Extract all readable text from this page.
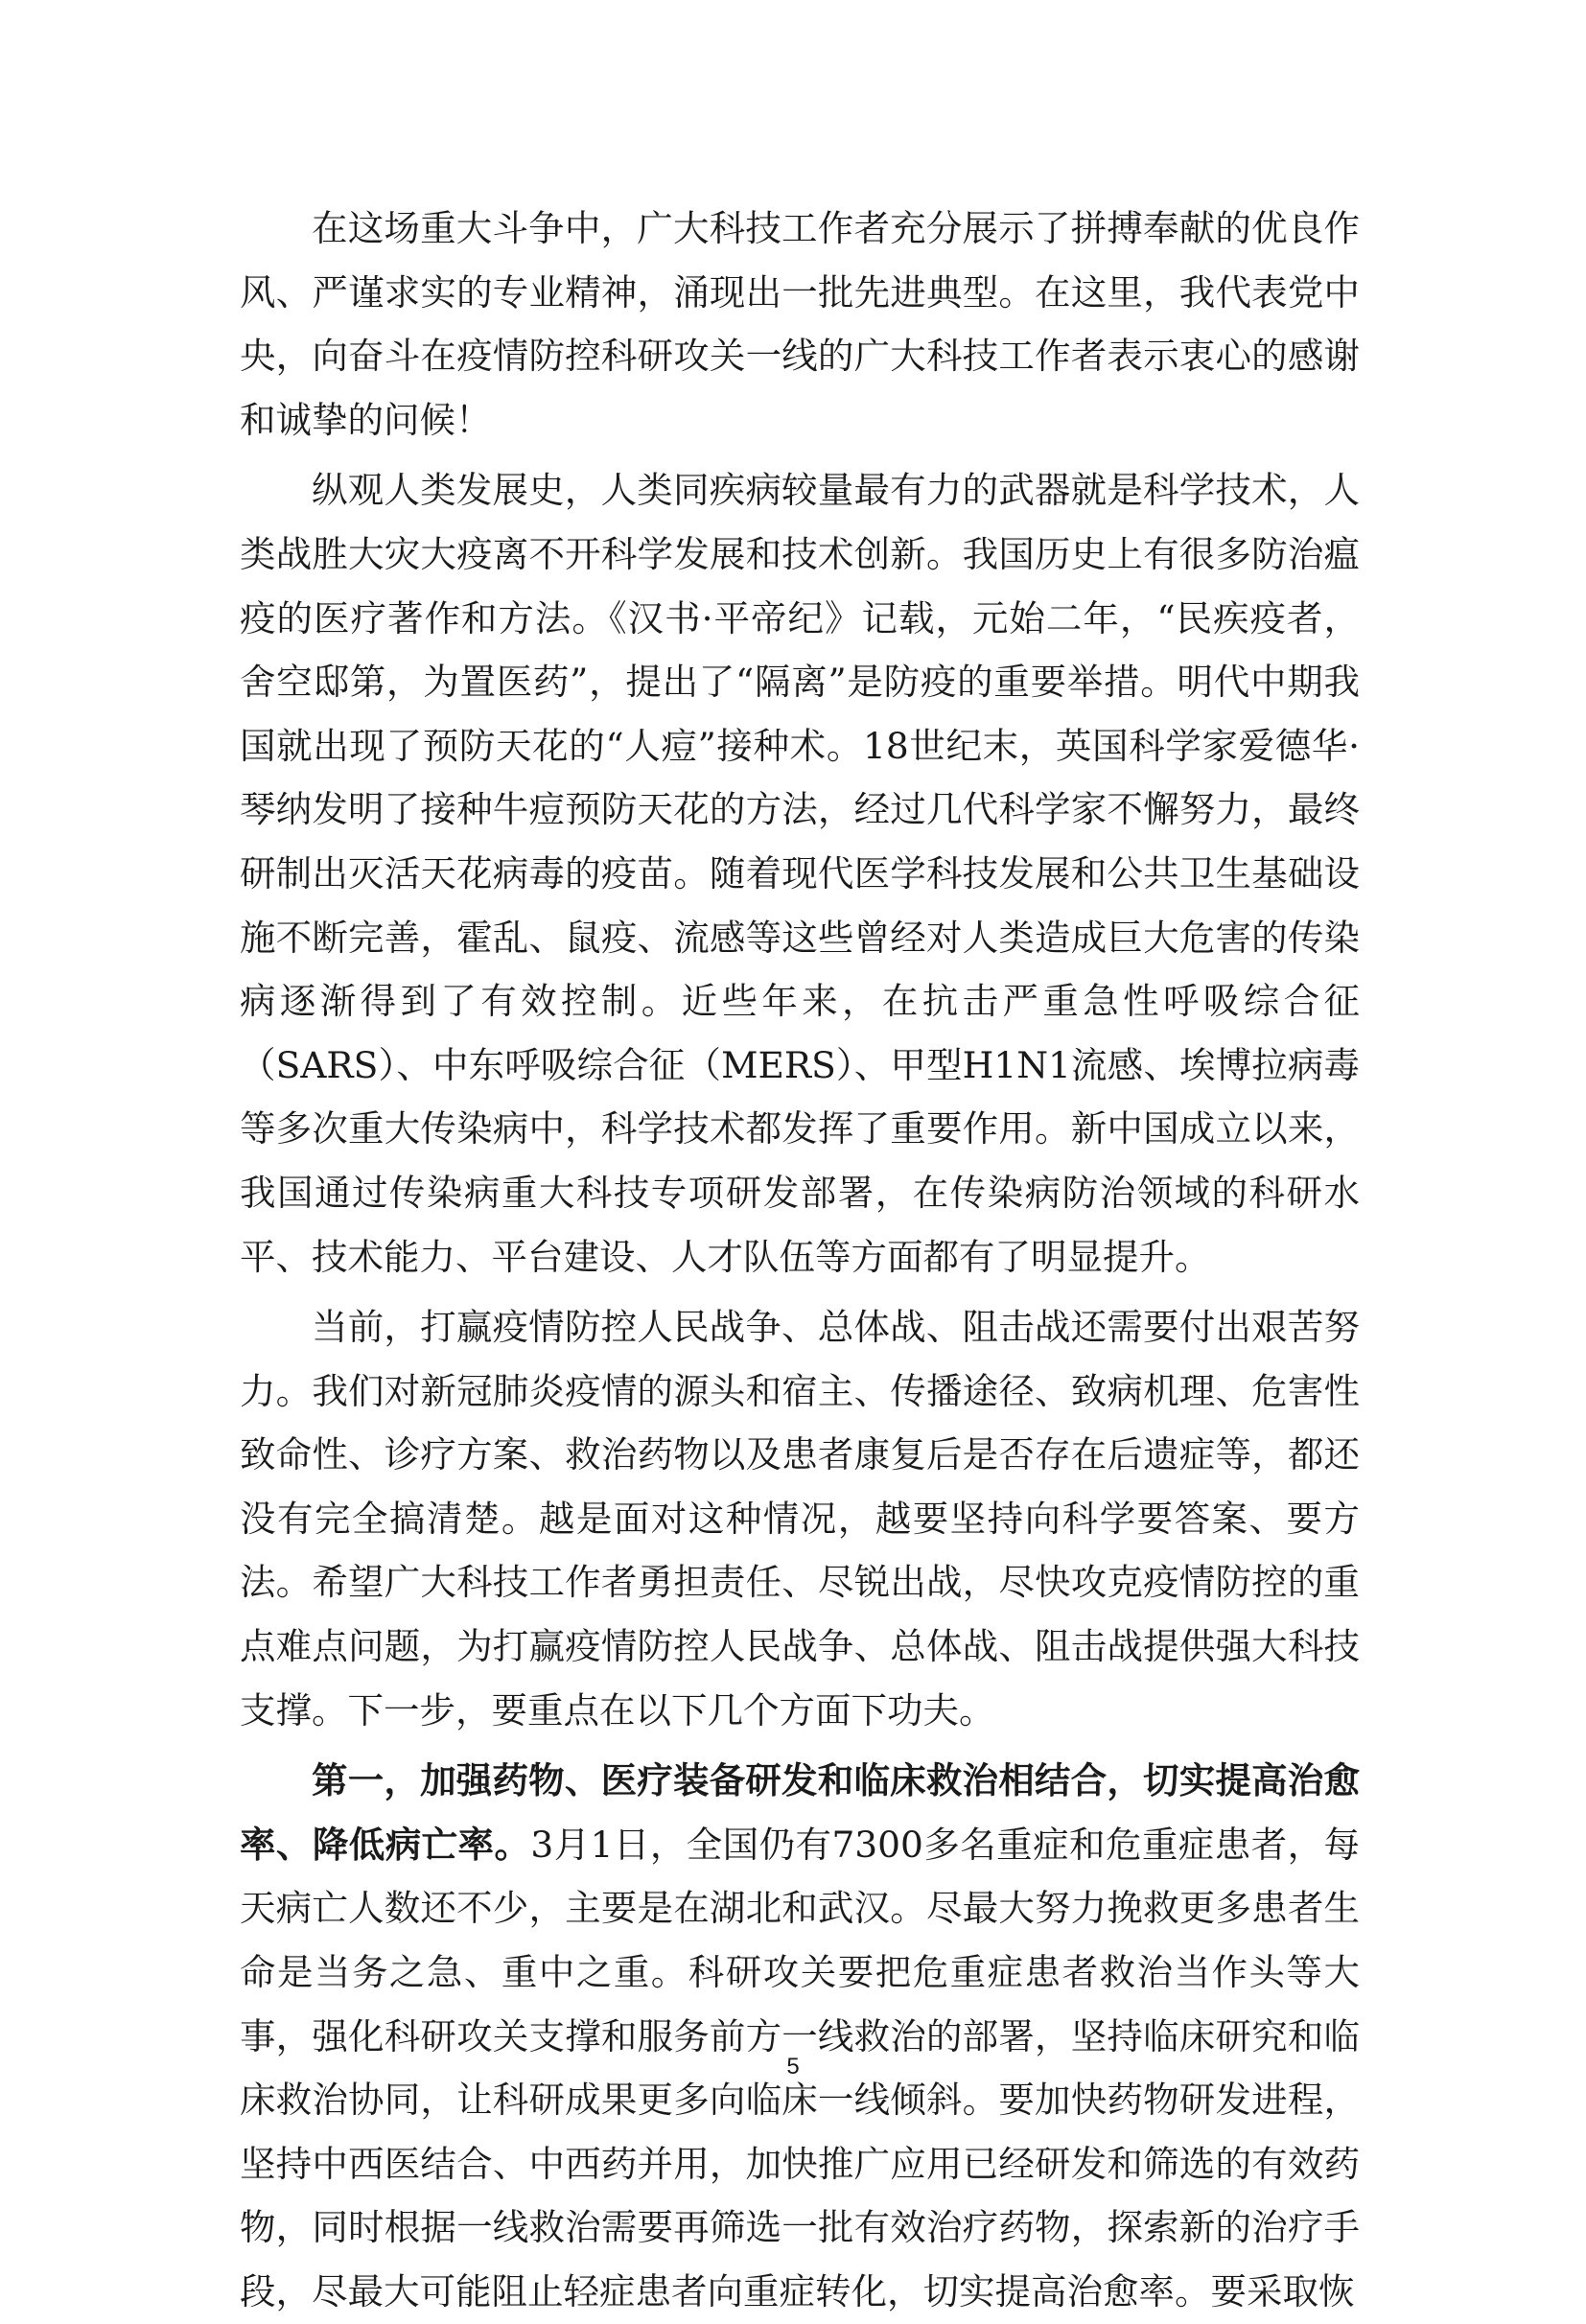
在这场重大斗争中，广大科技工作者充分展示了拼搏奉献的优良作风、严谨求实的专业精神，涌现出一批先进典型。在这里，我代表党中央，向奋斗在疫情防控科研攻关一线的广大科技工作者表示衷心的感谢和诚挚的问候！

纵观人类发展史，人类同疾病较量最有力的武器就是科学技术，人类战胜大灾大疫离不开科学发展和技术创新。我国历史上有很多防治瘟疫的医疗著作和方法。《汉书·平帝纪》记载，元始二年，“民疾疫者，舍空邸第，为置医药”，提出了“隔离”是防疫的重要举措。明代中期我国就出现了预防天花的“人痘”接种术。18世纪末，英国科学家爱德华·琴纳发明了接种牛痘预防天花的方法，经过几代科学家不懈努力，最终研制出灭活天花病毒的疫苗。随着现代医学科技发展和公共卫生基础设施不断完善，霍乱、鼠疫、流感等这些曾经对人类造成巨大危害的传染病逐渐得到了有效控制。近些年来，在抗击严重急性呼吸综合征（SARS）、中东呼吸综合征（MERS）、甲型H1N1流感、埃博拉病毒等多次重大传染病中，科学技术都发挥了重要作用。新中国成立以来，我国通过传染病重大科技专项研发部署，在传染病防治领域的科研水平、技术能力、平台建设、人才队伍等方面都有了明显提升。

当前，打赢疫情防控人民战争、总体战、阻击战还需要付出艰苦努力。我们对新冠肺炎疫情的源头和宿主、传播途径、致病机理、危害性致命性、诊疗方案、救治药物以及患者康复后是否存在后遗症等，都还没有完全搞清楚。越是面对这种情况，越要坚持向科学要答案、要方法。希望广大科技工作者勇担责任、尽锐出战，尽快攻克疫情防控的重点难点问题，为打赢疫情防控人民战争、总体战、阻击战提供强大科技支撑。下一步，要重点在以下几个方面下功夫。

第一，加强药物、医疗装备研发和临床救治相结合，切实提高治愈率、降低病亡率。3月1日，全国仍有7300多名重症和危重症患者，每天病亡人数还不少，主要是在湖北和武汉。尽最大努力挽救更多患者生命是当务之急、重中之重。科研攻关要把危重症患者救治当作头等大事，强化科研攻关支撑和服务前方一线救治的部署，坚持临床研究和临床救治协同，让科研成果更多向临床一线倾斜。要加快药物研发进程，坚持中西医结合、中西药并用，加快推广应用已经研发和筛选的有效药物，同时根据一线救治需要再筛选一批有效治疗药物，探索新的治疗手段，尽最大可能阻止轻症患者向重症转化，切实提高治愈率。要采取恢

5
